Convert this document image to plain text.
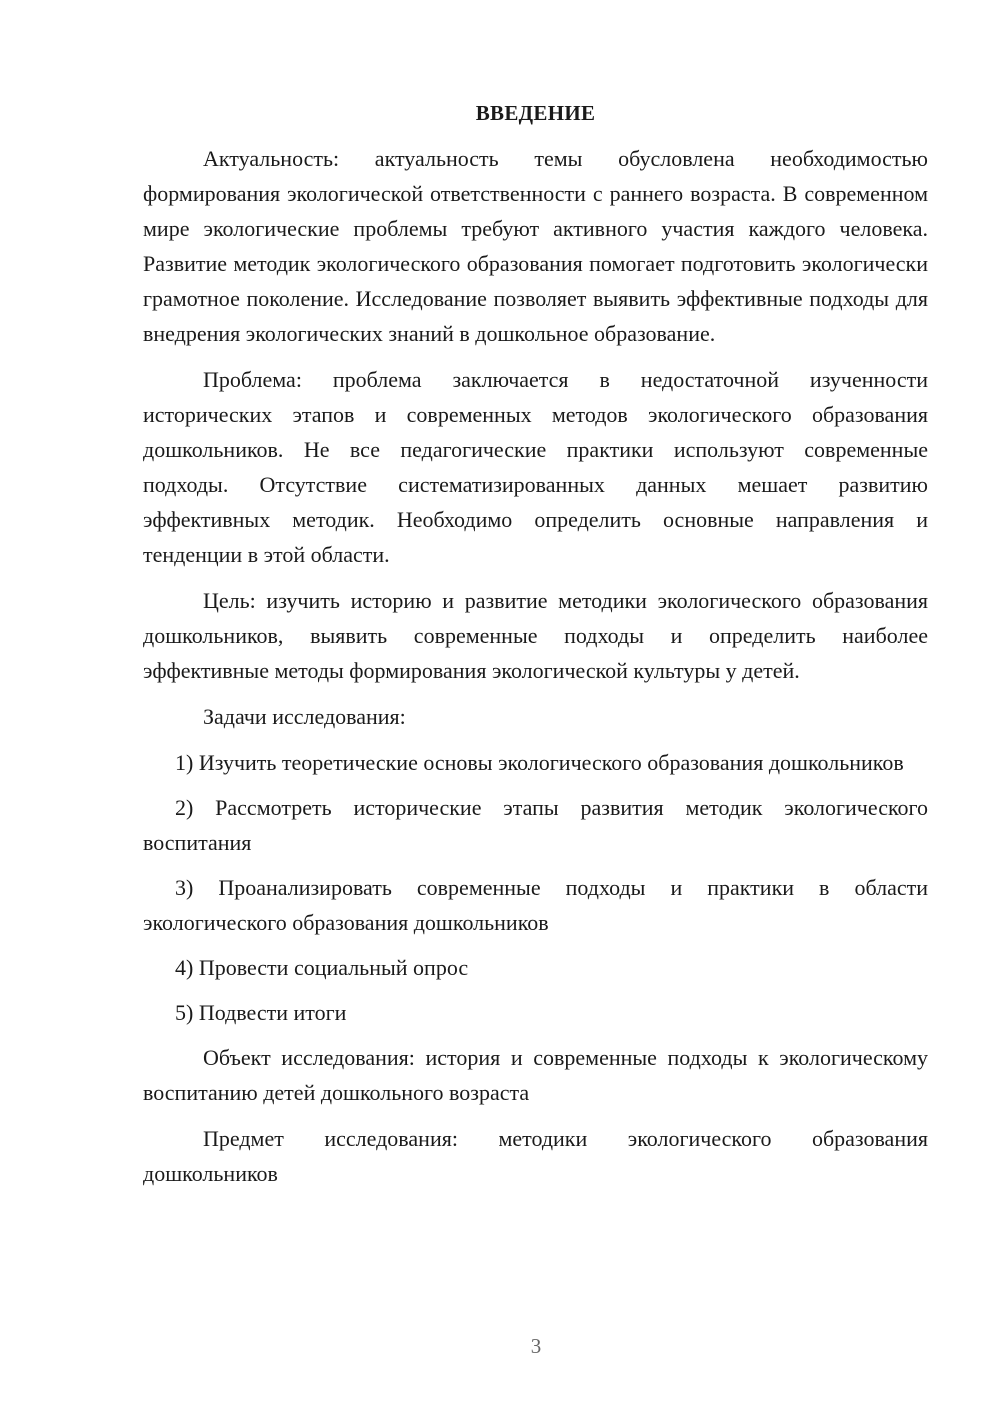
ВВЕДЕНИЕ
Актуальность: актуальность темы обусловлена необходимостью формирования экологической ответственности с раннего возраста. В современном мире экологические проблемы требуют активного участия каждого человека. Развитие методик экологического образования помогает подготовить экологически грамотное поколение. Исследование позволяет выявить эффективные подходы для внедрения экологических знаний в дошкольное образование.
Проблема: проблема заключается в недостаточной изученности исторических этапов и современных методов экологического образования дошкольников. Не все педагогические практики используют современные подходы. Отсутствие систематизированных данных мешает развитию эффективных методик. Необходимо определить основные направления и тенденции в этой области.
Цель: изучить историю и развитие методики экологического образования дошкольников, выявить современные подходы и определить наиболее эффективные методы формирования экологической культуры у детей.
Задачи исследования:
1) Изучить теоретические основы экологического образования дошкольников
2) Рассмотреть исторические этапы развития методик экологического воспитания
3) Проанализировать современные подходы и практики в области экологического образования дошкольников
4) Провести социальный опрос
5) Подвести итоги
Объект исследования: история и современные подходы к экологическому воспитанию детей дошкольного возраста
Предмет исследования: методики экологического образования дошкольников
3
